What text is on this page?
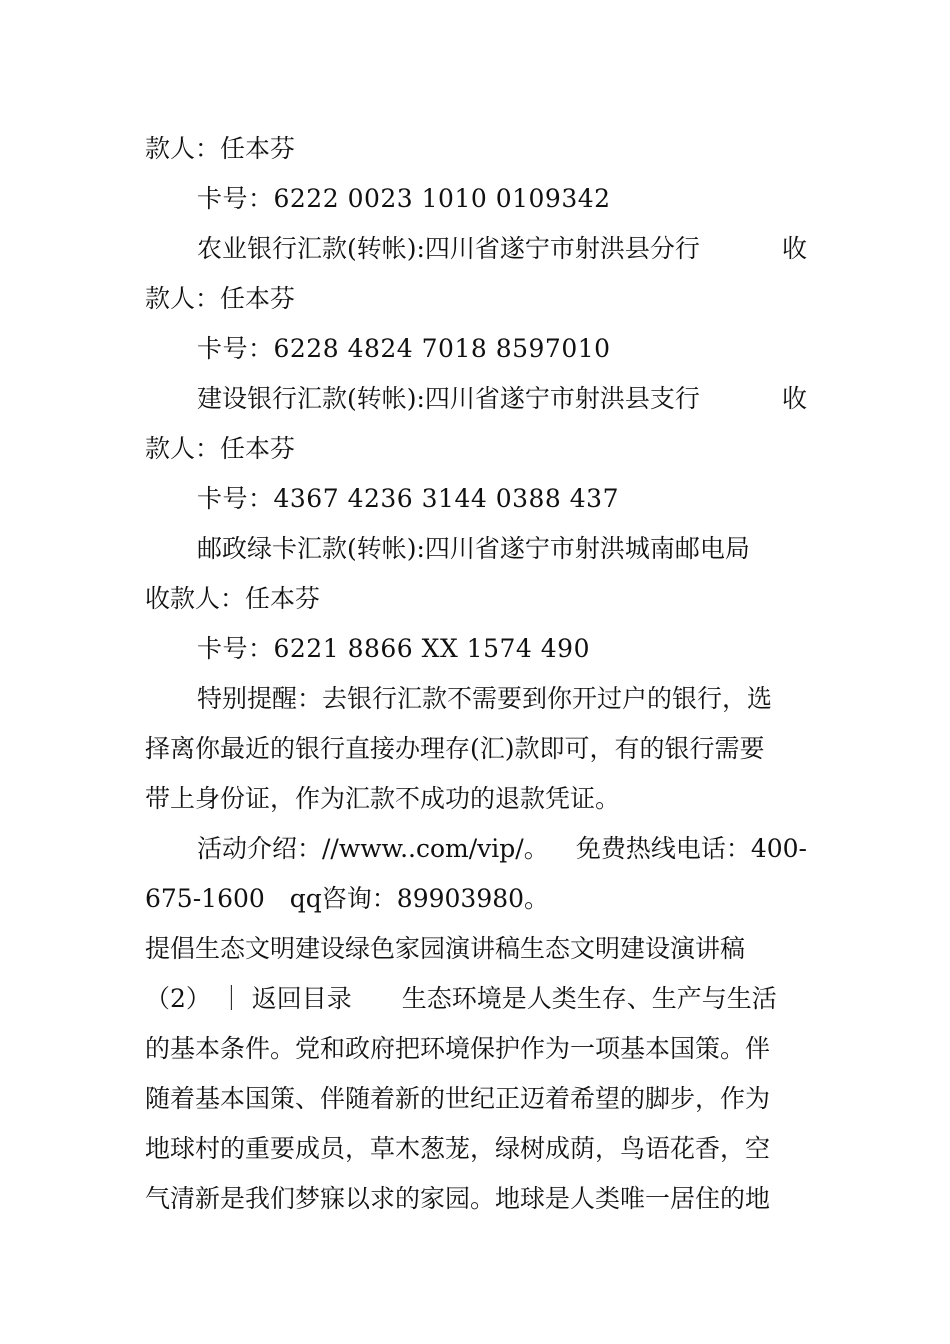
款人：任本芬
卡号：6222 0023 1010 0109342
农业银行汇款(转帐):四川省遂宁市射洪县分行	收
款人：任本芬
卡号：6228 4824 7018 8597010
建设银行汇款(转帐):四川省遂宁市射洪县支行	收
款人：任本芬
卡号：4367 4236 3144 0388 437
邮政绿卡汇款(转帐):四川省遂宁市射洪城南邮电局
收款人：任本芬
卡号：6221 8866 XX 1574 490
特别提醒：去银行汇款不需要到你开过户的银行，选
择离你最近的银行直接办理存(汇)款即可，有的银行需要
带上身份证，作为汇款不成功的退款凭证。
活动介绍：//www..com/vip/。 免费热线电话：400-
675-1600　qq咨询：89903980。
提倡生态文明建设绿色家园演讲稿生态文明建设演讲稿
（2） ｜ 返回目录　　生态环境是人类生存、生产与生活
的基本条件。党和政府把环境保护作为一项基本国策。伴
随着基本国策、伴随着新的世纪正迈着希望的脚步，作为
地球村的重要成员，草木葱茏，绿树成荫，鸟语花香，空
气清新是我们梦寐以求的家园。地球是人类唯一居住的地
